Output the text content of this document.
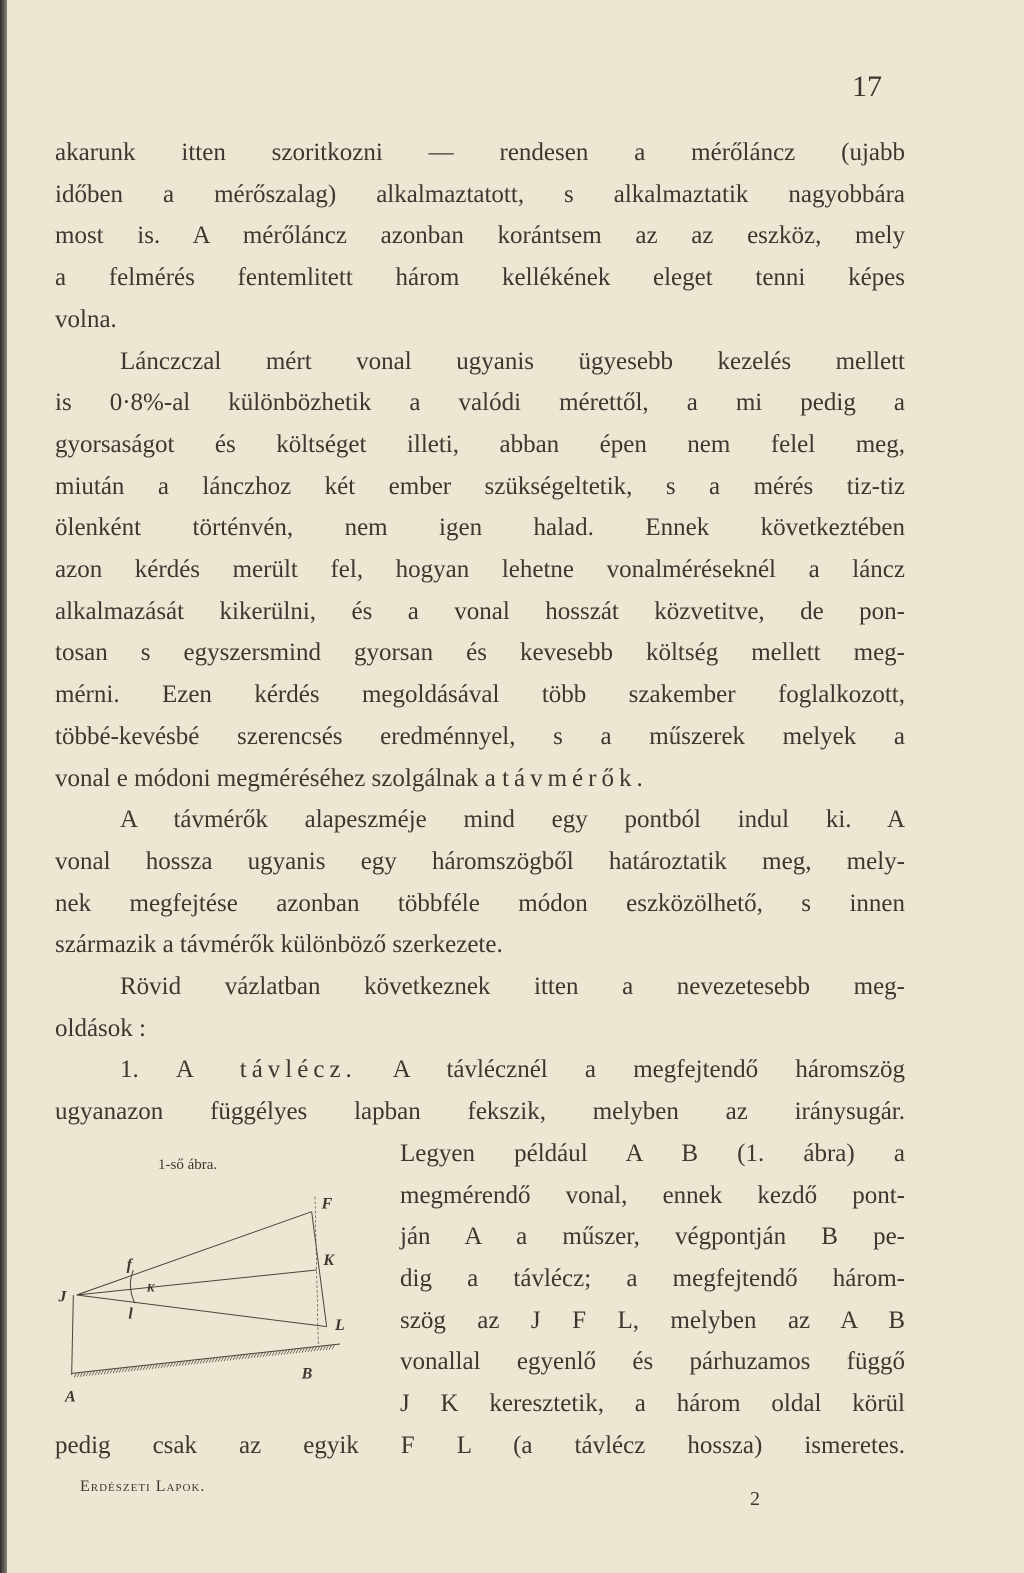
17
akarunk itten szoritkozni — rendesen a mérőláncz (ujabb
időben a mérőszalag) alkalmaztatott, s alkalmaztatik nagyobbára
most is. A mérőláncz azonban korántsem az az eszköz, mely
a felmérés fentemlitett három kellékének eleget tenni képes
volna.
Lánczczal mért vonal ugyanis ügyesebb kezelés mellett
is 0·8%-al különbözhetik a valódi mérettől, a mi pedig a
gyorsaságot és költséget illeti, abban épen nem felel meg,
miután a lánczhoz két ember szükségeltetik, s a mérés tiz-tiz
ölenként történvén, nem igen halad. Ennek következtében
azon kérdés merült fel, hogyan lehetne vonalméréseknél a láncz
alkalmazását kikerülni, és a vonal hosszát közvetitve, de pon-
tosan s egyszersmind gyorsan és kevesebb költség mellett meg-
mérni. Ezen kérdés megoldásával több szakember foglalkozott,
többé-kevésbé szerencsés eredménnyel, s a műszerek melyek a
vonal e módoni megméréséhez szolgálnak a távmérők.
A távmérők alapeszméje mind egy pontból indul ki. A
vonal hossza ugyanis egy háromszögből határoztatik meg, mely-
nek megfejtése azonban többféle módon eszközölhető, s innen
származik a távmérők különböző szerkezete.
Rövid vázlatban következnek itten a nevezetesebb meg-
oldások :
1. A távlécz. A távlécznél a megfejtendő háromszög
ugyanazon függélyes lapban fekszik, melyben az iránysugár.
Legyen például A B (1. ábra) a
megmérendő vonal, ennek kezdő pont-
ján A a műszer, végpontján B pe-
dig a távlécz; a megfejtendő három-
szög az J F L, melyben az A B
vonallal egyenlő és párhuzamos függő
J K keresztetik, a három oldal körül
pedig csak az egyik F L (a távlécz hossza) ismeretes.
1-ső ábra.
J
F
K
L
f
K
l
B
A
Erdészeti Lapok.
2
